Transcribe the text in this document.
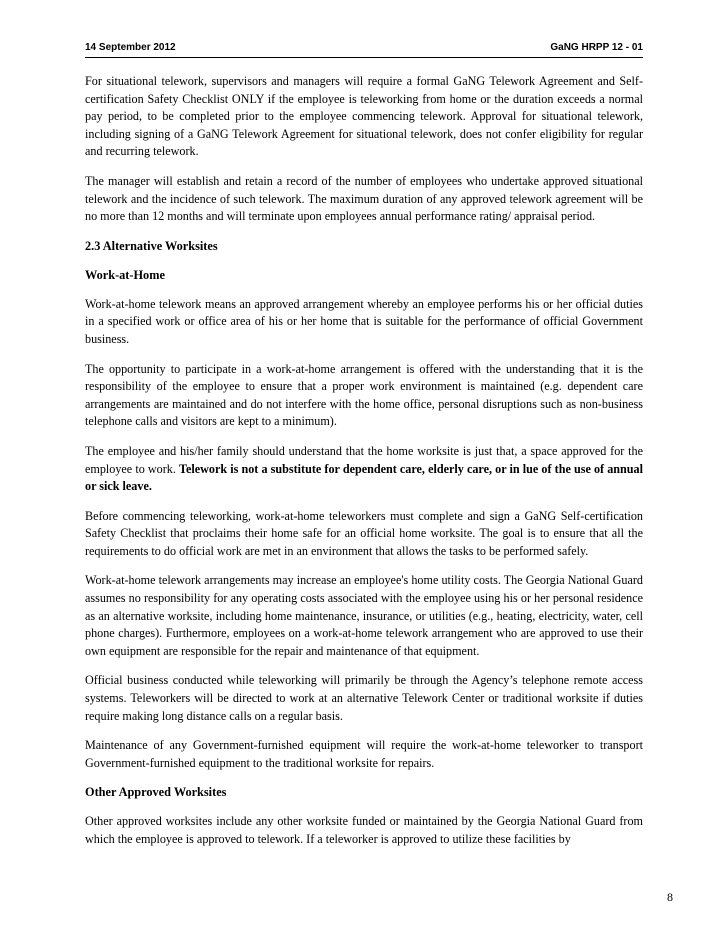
14 September 2012	GaNG HRPP 12 - 01

For situational telework, supervisors and managers will require a formal GaNG Telework Agreement and Self-certification Safety Checklist ONLY if the employee is teleworking from home or the duration exceeds a normal pay period, to be completed prior to the employee commencing telework. Approval for situational telework, including signing of a GaNG Telework Agreement for situational telework, does not confer eligibility for regular and recurring telework.

The manager will establish and retain a record of the number of employees who undertake approved situational telework and the incidence of such telework. The maximum duration of any approved telework agreement will be no more than 12 months and will terminate upon employees annual performance rating/ appraisal period.

2.3 Alternative Worksites
Work-at-Home

Work-at-home telework means an approved arrangement whereby an employee performs his or her official duties in a specified work or office area of his or her home that is suitable for the performance of official Government business.

The opportunity to participate in a work-at-home arrangement is offered with the understanding that it is the responsibility of the employee to ensure that a proper work environment is maintained (e.g. dependent care arrangements are maintained and do not interfere with the home office, personal disruptions such as non-business telephone calls and visitors are kept to a minimum).

The employee and his/her family should understand that the home worksite is just that, a space approved for the employee to work. Telework is not a substitute for dependent care, elderly care, or in lue of the use of annual or sick leave.

Before commencing teleworking, work-at-home teleworkers must complete and sign a GaNG Self-certification Safety Checklist that proclaims their home safe for an official home worksite. The goal is to ensure that all the requirements to do official work are met in an environment that allows the tasks to be performed safely.

Work-at-home telework arrangements may increase an employee's home utility costs. The Georgia National Guard assumes no responsibility for any operating costs associated with the employee using his or her personal residence as an alternative worksite, including home maintenance, insurance, or utilities (e.g., heating, electricity, water, cell phone charges). Furthermore, employees on a work-at-home telework arrangement who are approved to use their own equipment are responsible for the repair and maintenance of that equipment.

Official business conducted while teleworking will primarily be through the Agency’s telephone remote access systems. Teleworkers will be directed to work at an alternative Telework Center or traditional worksite if duties require making long distance calls on a regular basis.

Maintenance of any Government-furnished equipment will require the work-at-home teleworker to transport Government-furnished equipment to the traditional worksite for repairs.

Other Approved Worksites

Other approved worksites include any other worksite funded or maintained by the Georgia National Guard from which the employee is approved to telework. If a teleworker is approved to utilize these facilities by

8
